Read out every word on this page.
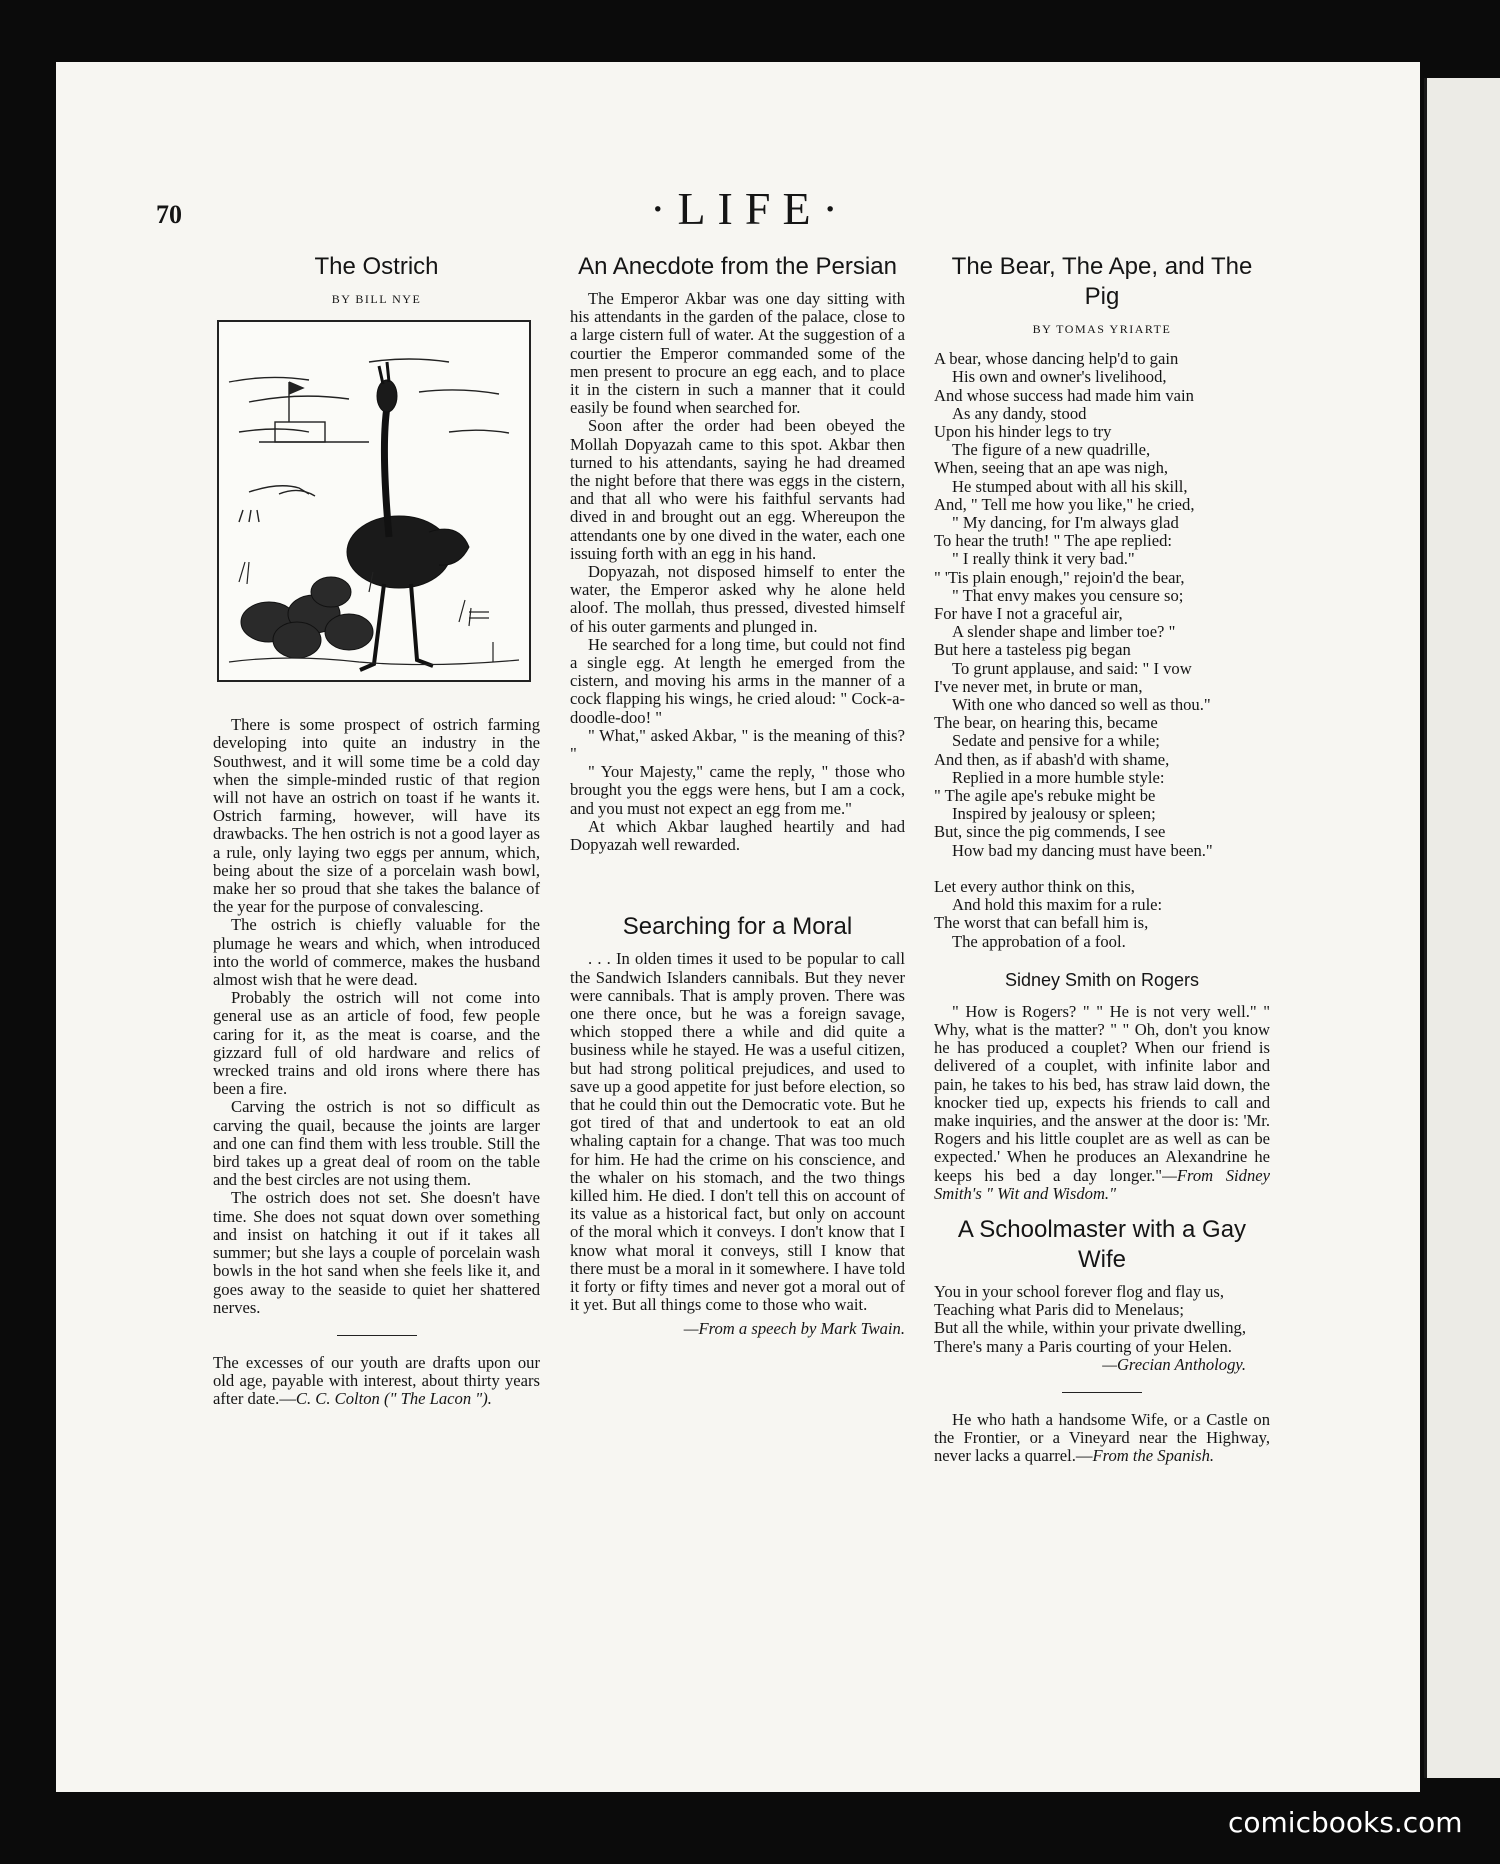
70	·LIFE·
The Ostrich
BY BILL NYE

There is some prospect of ostrich farming developing into quite an industry in the Southwest, and it will some time be a cold day when the simple-minded rustic of that region will not have an ostrich on toast if he wants it. Ostrich farming, however, will have its drawbacks. The hen ostrich is not a good layer as a rule, only laying two eggs per annum, which, being about the size of a porcelain wash bowl, make her so proud that she takes the balance of the year for the purpose of convalescing.

The ostrich is chiefly valuable for the plumage he wears and which, when introduced into the world of commerce, makes the husband almost wish that he were dead.

Probably the ostrich will not come into general use as an article of food, few people caring for it, as the meat is coarse, and the gizzard full of old hardware and relics of wrecked trains and old irons where there has been a fire.

Carving the ostrich is not so difficult as carving the quail, because the joints are larger and one can find them with less trouble. Still the bird takes up a great deal of room on the table and the best circles are not using them.

The ostrich does not set. She doesn't have time. She does not squat down over something and insist on hatching it out if it takes all summer; but she lays a couple of porcelain wash bowls in the hot sand when she feels like it, and goes away to the seaside to quiet her shattered nerves.

The excesses of our youth are drafts upon our old age, payable with interest, about thirty years after date.—C. C. Colton (" The Lacon ").

An Anecdote from the Persian

The Emperor Akbar was one day sitting with his attendants in the garden of the palace, close to a large cistern full of water. At the suggestion of a courtier the Emperor commanded some of the men present to procure an egg each, and to place it in the cistern in such a manner that it could easily be found when searched for.

Soon after the order had been obeyed the Mollah Dopyazah came to this spot. Akbar then turned to his attendants, saying he had dreamed the night before that there was eggs in the cistern, and that all who were his faithful servants had dived in and brought out an egg. Whereupon the attendants one by one dived in the water, each one issuing forth with an egg in his hand.

Dopyazah, not disposed himself to enter the water, the Emperor asked why he alone held aloof. The mollah, thus pressed, divested himself of his outer garments and plunged in.

He searched for a long time, but could not find a single egg. At length he emerged from the cistern, and moving his arms in the manner of a cock flapping his wings, he cried aloud: " Cock-a-doodle-doo! "

" What," asked Akbar, " is the meaning of this? "

" Your Majesty," came the reply, " those who brought you the eggs were hens, but I am a cock, and you must not expect an egg from me."

At which Akbar laughed heartily and had Dopyazah well rewarded.

Searching for a Moral

. . . In olden times it used to be popular to call the Sandwich Islanders cannibals. But they never were cannibals. That is amply proven. There was one there once, but he was a foreign savage, which stopped there a while and did quite a business while he stayed. He was a useful citizen, but had strong political prejudices, and used to save up a good appetite for just before election, so that he could thin out the Democratic vote. But he got tired of that and undertook to eat an old whaling captain for a change. That was too much for him. He had the crime on his conscience, and the whaler on his stomach, and the two things killed him. He died. I don't tell this on account of its value as a historical fact, but only on account of the moral which it conveys. I don't know that I know what moral it conveys, still I know that there must be a moral in it somewhere. I have told it forty or fifty times and never got a moral out of it yet. But all things come to those who wait.

—From a speech by Mark Twain.
The Bear, The Ape, and The Pig
BY TOMAS YRIARTE
A bear, whose dancing help'd to gain
His own and owner's livelihood,
And whose success had made him vain
As any dandy, stood
Upon his hinder legs to try
The figure of a new quadrille,
When, seeing that an ape was nigh,
He stumped about with all his skill,
And, " Tell me how you like," he cried,
" My dancing, for I'm always glad
To hear the truth! " The ape replied:
" I really think it very bad."
" 'Tis plain enough," rejoin'd the bear,
" That envy makes you censure so;
For have I not a graceful air,
A slender shape and limber toe? "
But here a tasteless pig began
To grunt applause, and said: " I vow
I've never met, in brute or man,
With one who danced so well as thou."
The bear, on hearing this, became
Sedate and pensive for a while;
And then, as if abash'd with shame,
Replied in a more humble style:
" The agile ape's rebuke might be
Inspired by jealousy or spleen;
But, since the pig commends, I see
How bad my dancing must have been."
Let every author think on this,
And hold this maxim for a rule:
The worst that can befall him is,
The approbation of a fool.
Sidney Smith on Rogers

" How is Rogers? " " He is not very well." " Why, what is the matter? " " Oh, don't you know he has produced a couplet? When our friend is delivered of a couplet, with infinite labor and pain, he takes to his bed, has straw laid down, the knocker tied up, expects his friends to call and make inquiries, and the answer at the door is: 'Mr. Rogers and his little couplet are as well as can be expected.' When he produces an Alexandrine he keeps his bed a day longer."—From Sidney Smith's " Wit and Wisdom."

A Schoolmaster with a Gay Wife
You in your school forever flog and flay us,
Teaching what Paris did to Menelaus;
But all the while, within your private dwelling,
There's many a Paris courting of your Helen.
—Grecian Anthology.

He who hath a handsome Wife, or a Castle on the Frontier, or a Vineyard near the Highway, never lacks a quarrel.—From the Spanish.

comicbooks.com
